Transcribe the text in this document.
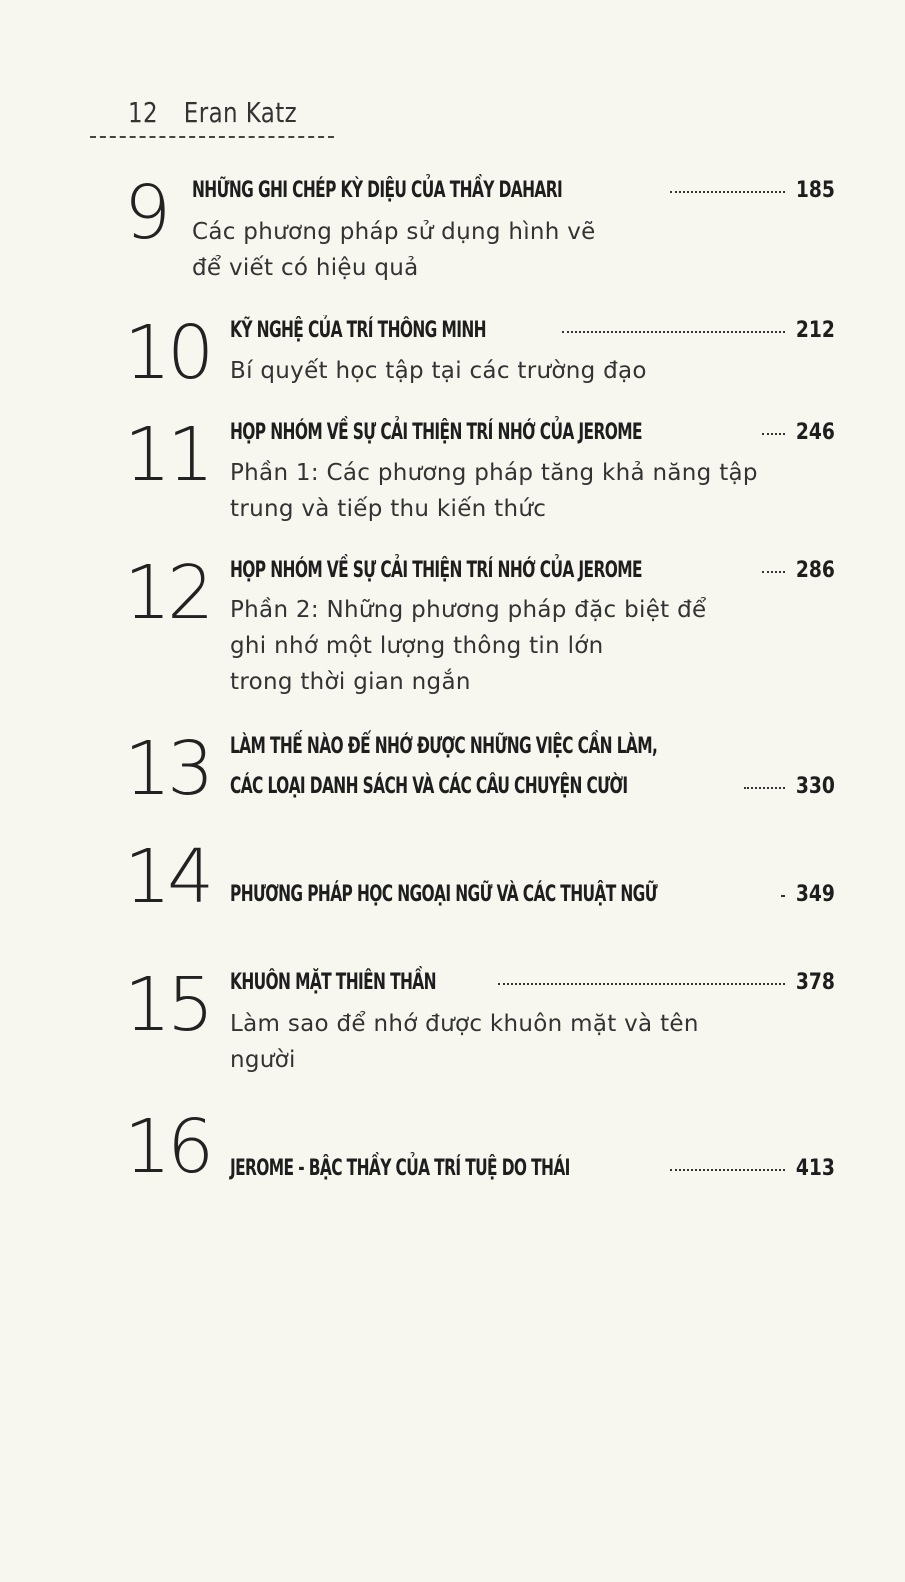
12 Eran Katz
9 NHỮNG GHI CHÉP KỲ DIỆU CỦA THẦY DAHARI	185
Các phương pháp sử dụng hình vẽ
để viết có hiệu quả
10 KỸ NGHỆ CỦA TRÍ THÔNG MINH	212
Bí quyết học tập tại các trường đạo
11 HỌP NHÓM VỀ SỰ CẢI THIỆN TRÍ NHỚ CỦA JEROME	246
Phần 1: Các phương pháp tăng khả năng tập
trung và tiếp thu kiến thức
12 HỌP NHÓM VỀ SỰ CẢI THIỆN TRÍ NHỚ CỦA JEROME	286
Phần 2: Những phương pháp đặc biệt để
ghi nhớ một lượng thông tin lớn
trong thời gian ngắn
13 LÀM THẾ NÀO ĐỂ NHỚ ĐƯỢC NHỮNG VIỆC CẦN LÀM,
CÁC LOẠI DANH SÁCH VÀ CÁC CÂU CHUYỆN CƯỜI	330
14 PHƯƠNG PHÁP HỌC NGOẠI NGỮ VÀ CÁC THUẬT NGỮ	349
15 KHUÔN MẶT THIÊN THẦN	378
Làm sao để nhớ được khuôn mặt và tên
người
16 JEROME - BẬC THẦY CỦA TRÍ TUỆ DO THÁI	413
